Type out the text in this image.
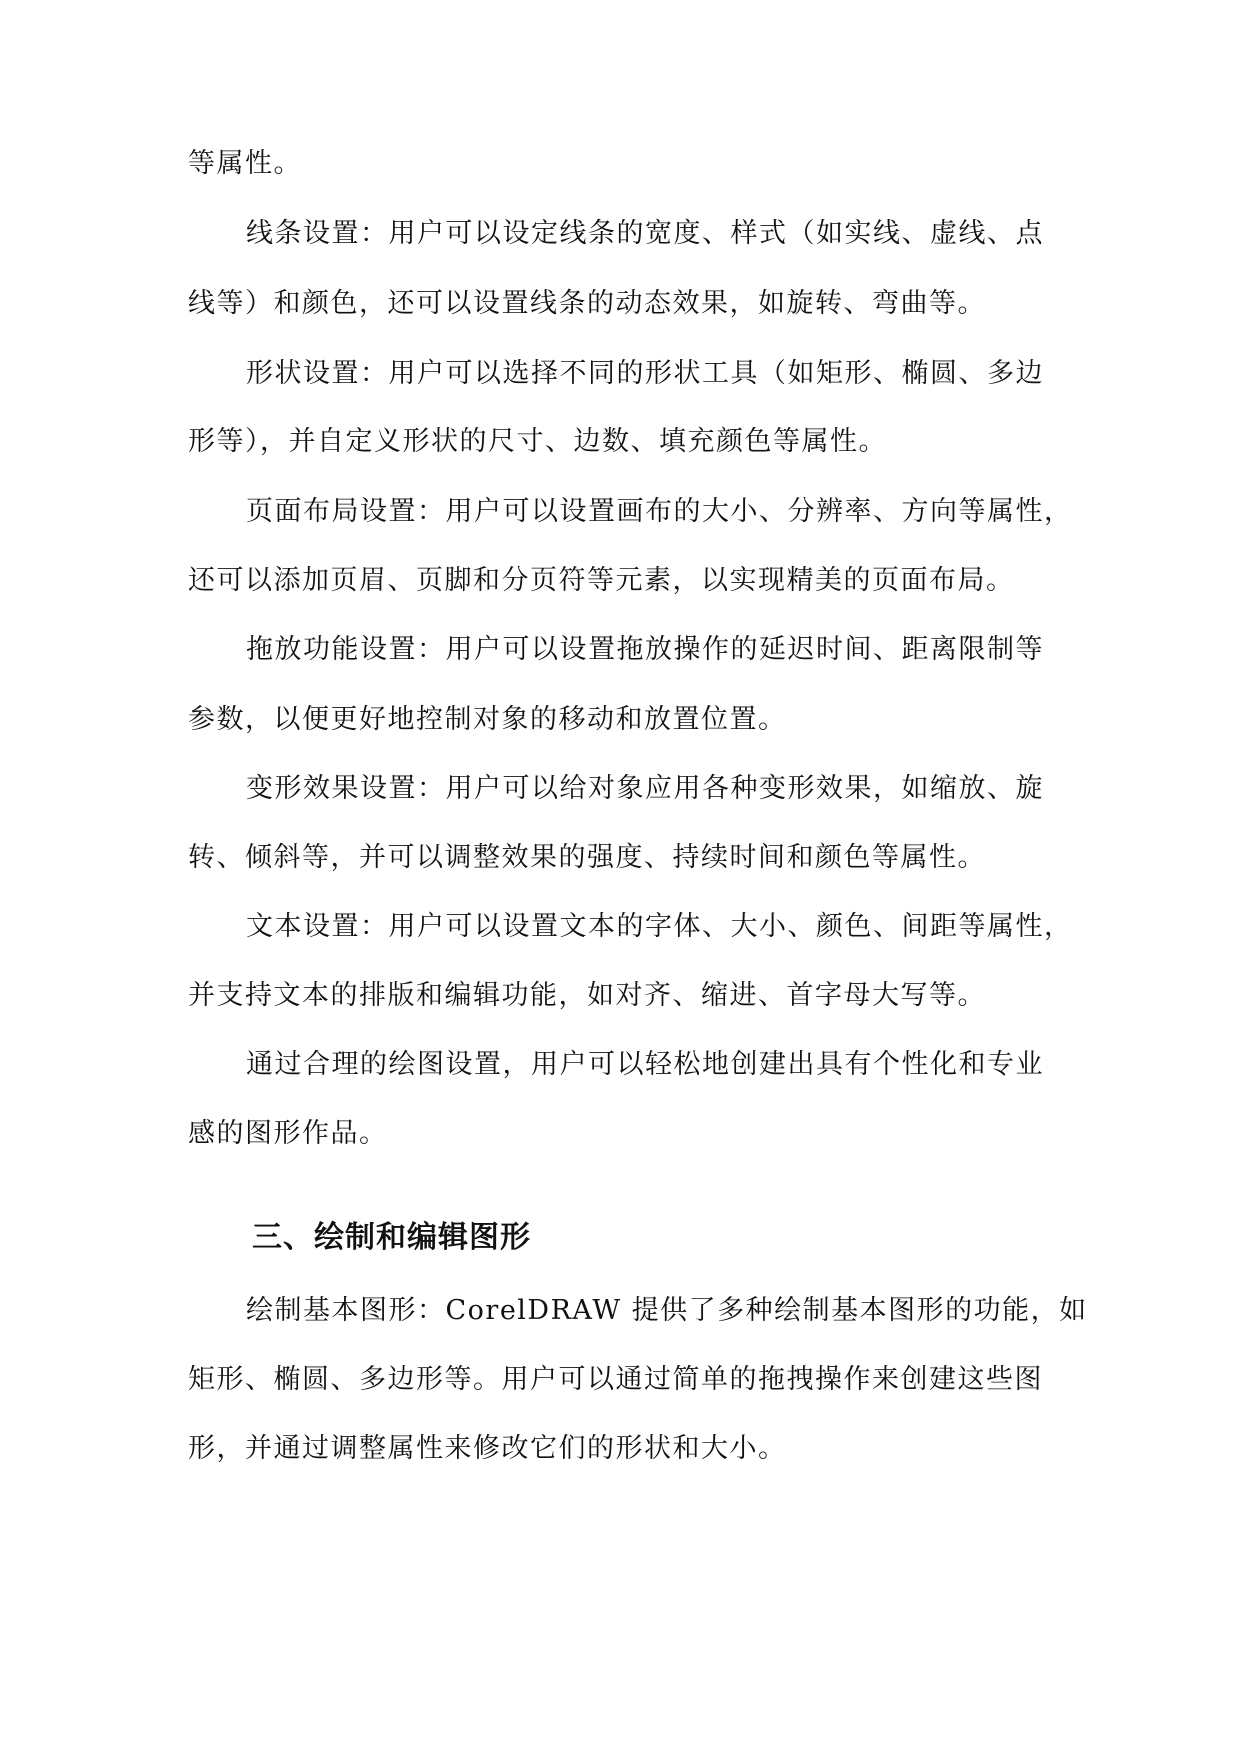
等属性。
线条设置：用户可以设定线条的宽度、样式（如实线、虚线、点
线等）和颜色，还可以设置线条的动态效果，如旋转、弯曲等。
形状设置：用户可以选择不同的形状工具（如矩形、椭圆、多边
形等），并自定义形状的尺寸、边数、填充颜色等属性。
页面布局设置：用户可以设置画布的大小、分辨率、方向等属性，
还可以添加页眉、页脚和分页符等元素，以实现精美的页面布局。
拖放功能设置：用户可以设置拖放操作的延迟时间、距离限制等
参数，以便更好地控制对象的移动和放置位置。
变形效果设置：用户可以给对象应用各种变形效果，如缩放、旋
转、倾斜等，并可以调整效果的强度、持续时间和颜色等属性。
文本设置：用户可以设置文本的字体、大小、颜色、间距等属性，
并支持文本的排版和编辑功能，如对齐、缩进、首字母大写等。
通过合理的绘图设置，用户可以轻松地创建出具有个性化和专业
感的图形作品。
三、绘制和编辑图形
绘制基本图形：CorelDRAW 提供了多种绘制基本图形的功能，如
矩形、椭圆、多边形等。用户可以通过简单的拖拽操作来创建这些图
形，并通过调整属性来修改它们的形状和大小。
